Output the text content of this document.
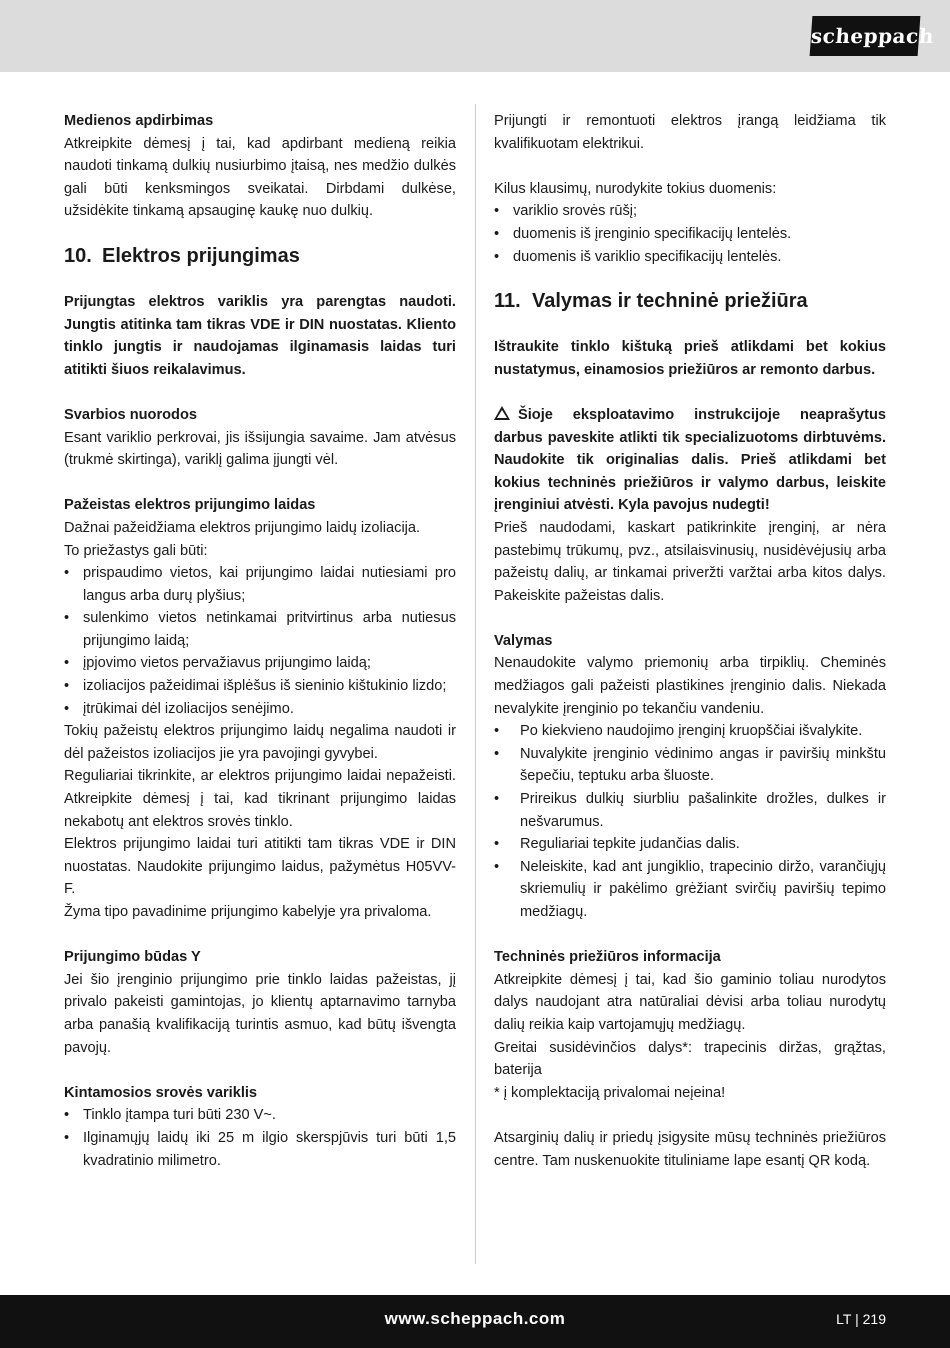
scheppach
Medienos apdirbimas

Atkreipkite dėmesį į tai, kad apdirbant medieną reikia naudoti tinkamą dulkių nusiurbimo įtaisą, nes medžio dulkės gali būti kenksmingos sveikatai. Dirbdami dulkėse, užsidėkite tinkamą apsauginę kaukę nuo dulkių.

10. Elektros prijungimas

Prijungtas elektros variklis yra parengtas naudoti. Jungtis atitinka tam tikras VDE ir DIN nuostatas. Kliento tinklo jungtis ir naudojamas ilginamasis laidas turi atitikti šiuos reikalavimus.

Svarbios nuorodos

Esant variklio perkrovai, jis išsijungia savaime. Jam atvėsus (trukmė skirtinga), variklį galima įjungti vėl.

Pažeistas elektros prijungimo laidas

Dažnai pažeidžiama elektros prijungimo laidų izoliacija.

To priežastys gali būti:

• prispaudimo vietos, kai prijungimo laidai nutiesiami pro langus arba durų plyšius;
• sulenkimo vietos netinkamai pritvirtinus arba nutiesus prijungimo laidą;
• įpjovimo vietos pervažiavus prijungimo laidą;
• izoliacijos pažeidimai išplėšus iš sieninio kištukinio lizdo;
• įtrūkimai dėl izoliacijos senėjimo.

Tokių pažeistų elektros prijungimo laidų negalima naudoti ir dėl pažeistos izoliacijos jie yra pavojingi gyvybei.

Reguliariai tikrinkite, ar elektros prijungimo laidai nepažeisti. Atkreipkite dėmesį į tai, kad tikrinant prijungimo laidas nekabotų ant elektros srovės tinklo.

Elektros prijungimo laidai turi atitikti tam tikras VDE ir DIN nuostatas. Naudokite prijungimo laidus, pažymėtus H05VV-F.

Žyma tipo pavadinime prijungimo kabelyje yra privaloma.

Prijungimo būdas Y

Jei šio įrenginio prijungimo prie tinklo laidas pažeistas, jį privalo pakeisti gamintojas, jo klientų aptarnavimo tarnyba arba panašią kvalifikaciją turintis asmuo, kad būtų išvengta pavojų.

Kintamosios srovės variklis
• Tinklo įtampa turi būti 230 V~.
• Ilginamųjų laidų iki 25 m ilgio skerspjūvis turi būti 1,5 kvadratinio milimetro.

Prijungti ir remontuoti elektros įrangą leidžiama tik kvalifikuotam elektrikui.

Kilus klausimų, nurodykite tokius duomenis:

• variklio srovės rūšį;
• duomenis iš įrenginio specifikacijų lentelės.
• duomenis iš variklio specifikacijų lentelės.
11. Valymas ir techninė priežiūra

Ištraukite tinklo kištuką prieš atlikdami bet kokius nustatymus, einamosios priežiūros ar remonto darbus.

Šioje eksploatavimo instrukcijoje neaprašytus darbus paveskite atlikti tik specializuotoms dirbtuvėms. Naudokite tik originalias dalis. Prieš atlikdami bet kokius techninės priežiūros ir valymo darbus, leiskite įrenginiui atvėsti. Kyla pavojus nudegti!

Prieš naudodami, kaskart patikrinkite įrenginį, ar nėra pastebimų trūkumų, pvz., atsilaisvinusių, nusidėvėjusių arba pažeistų dalių, ar tinkamai priveržti varžtai arba kitos dalys. Pakeiskite pažeistas dalis.

Valymas

Nenaudokite valymo priemonių arba tirpiklių. Cheminės medžiagos gali pažeisti plastikines įrenginio dalis. Niekada nevalykite įrenginio po tekančiu vandeniu.

• Po kiekvieno naudojimo įrenginį kruopščiai išvalykite.
• Nuvalykite įrenginio vėdinimo angas ir paviršių minkštu šepečiu, teptuku arba šluoste.
• Prireikus dulkių siurbliu pašalinkite drožles, dulkes ir nešvarumus.
• Reguliariai tepkite judančias dalis.
• Neleiskite, kad ant jungiklio, trapecinio diržo, varančiųjų skriemulių ir pakėlimo grėžiant svirčių paviršių tepimo medžiagų.
Techninės priežiūros informacija

Atkreipkite dėmesį į tai, kad šio gaminio toliau nurodytos dalys naudojant atra natūraliai dėvisi arba toliau nurodytų dalių reikia kaip vartojamųjų medžiagų.

Greitai susidėvinčios dalys*: trapecinis diržas, grąžtas, baterija

* į komplektaciją privalomai neįeina!

Atsarginių dalių ir priedų įsigysite mūsų techninės priežiūros centre. Tam nuskenuokite tituliniame lape esantį QR kodą.

www.scheppach.com	LT | 219
